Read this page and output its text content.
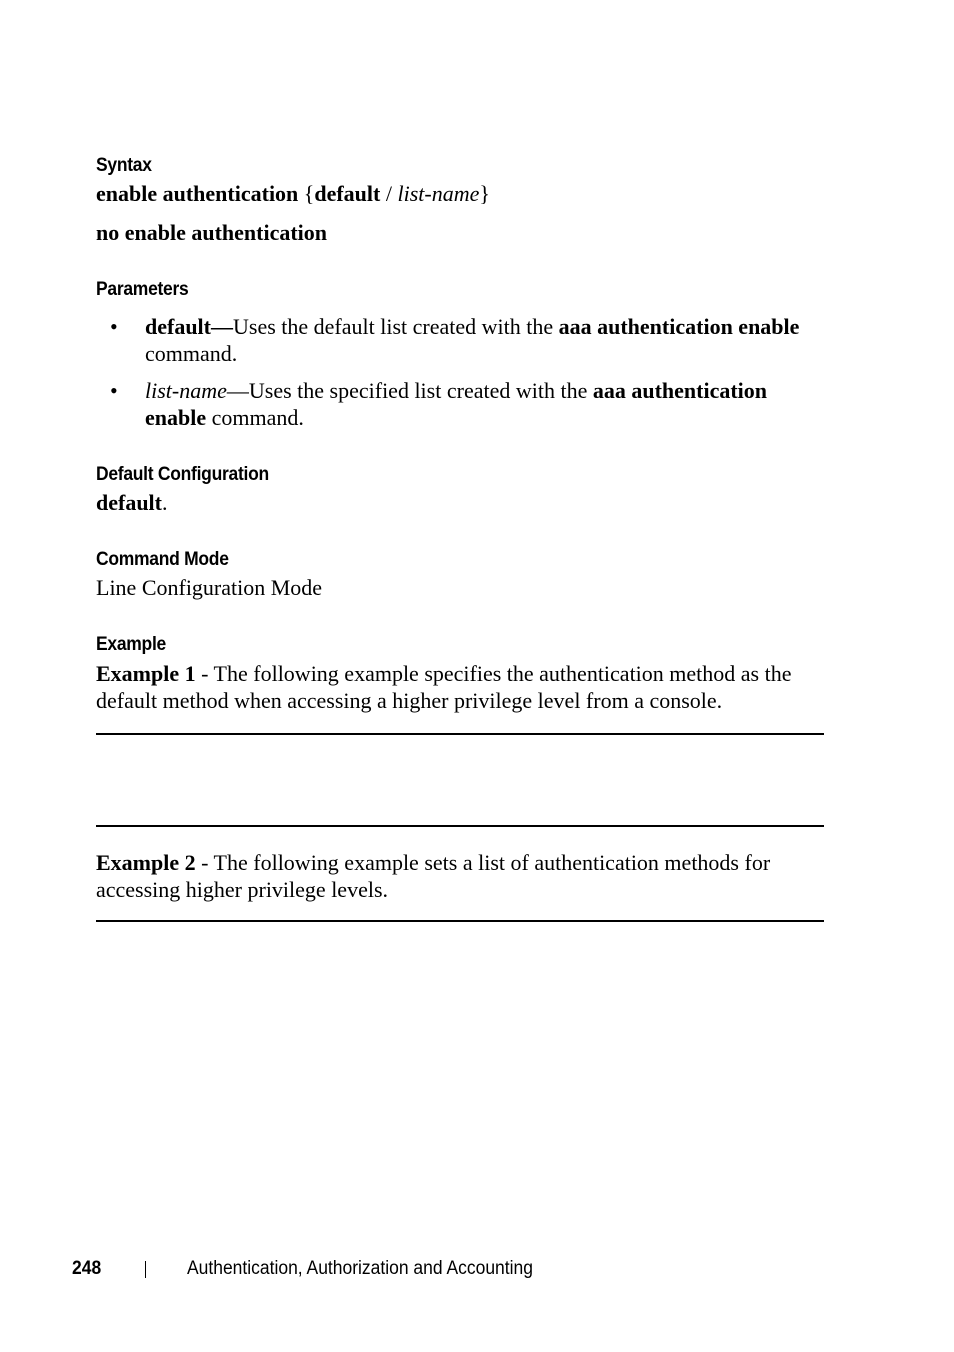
Syntax
enable authentication {default / list-name}
no enable authentication
Parameters
• default—Uses the default list created with the aaa authentication enable command.

• list-name—Uses the specified list created with the aaa authentication enable command.

Default Configuration
default.
Command Mode
Line Configuration Mode
Example

Example 1 - The following example specifies the authentication method as the default method when accessing a higher privilege level from a console.

Example 2 - The following example sets a list of authentication methods for accessing higher privilege levels.

248	Authentication, Authorization and Accounting
